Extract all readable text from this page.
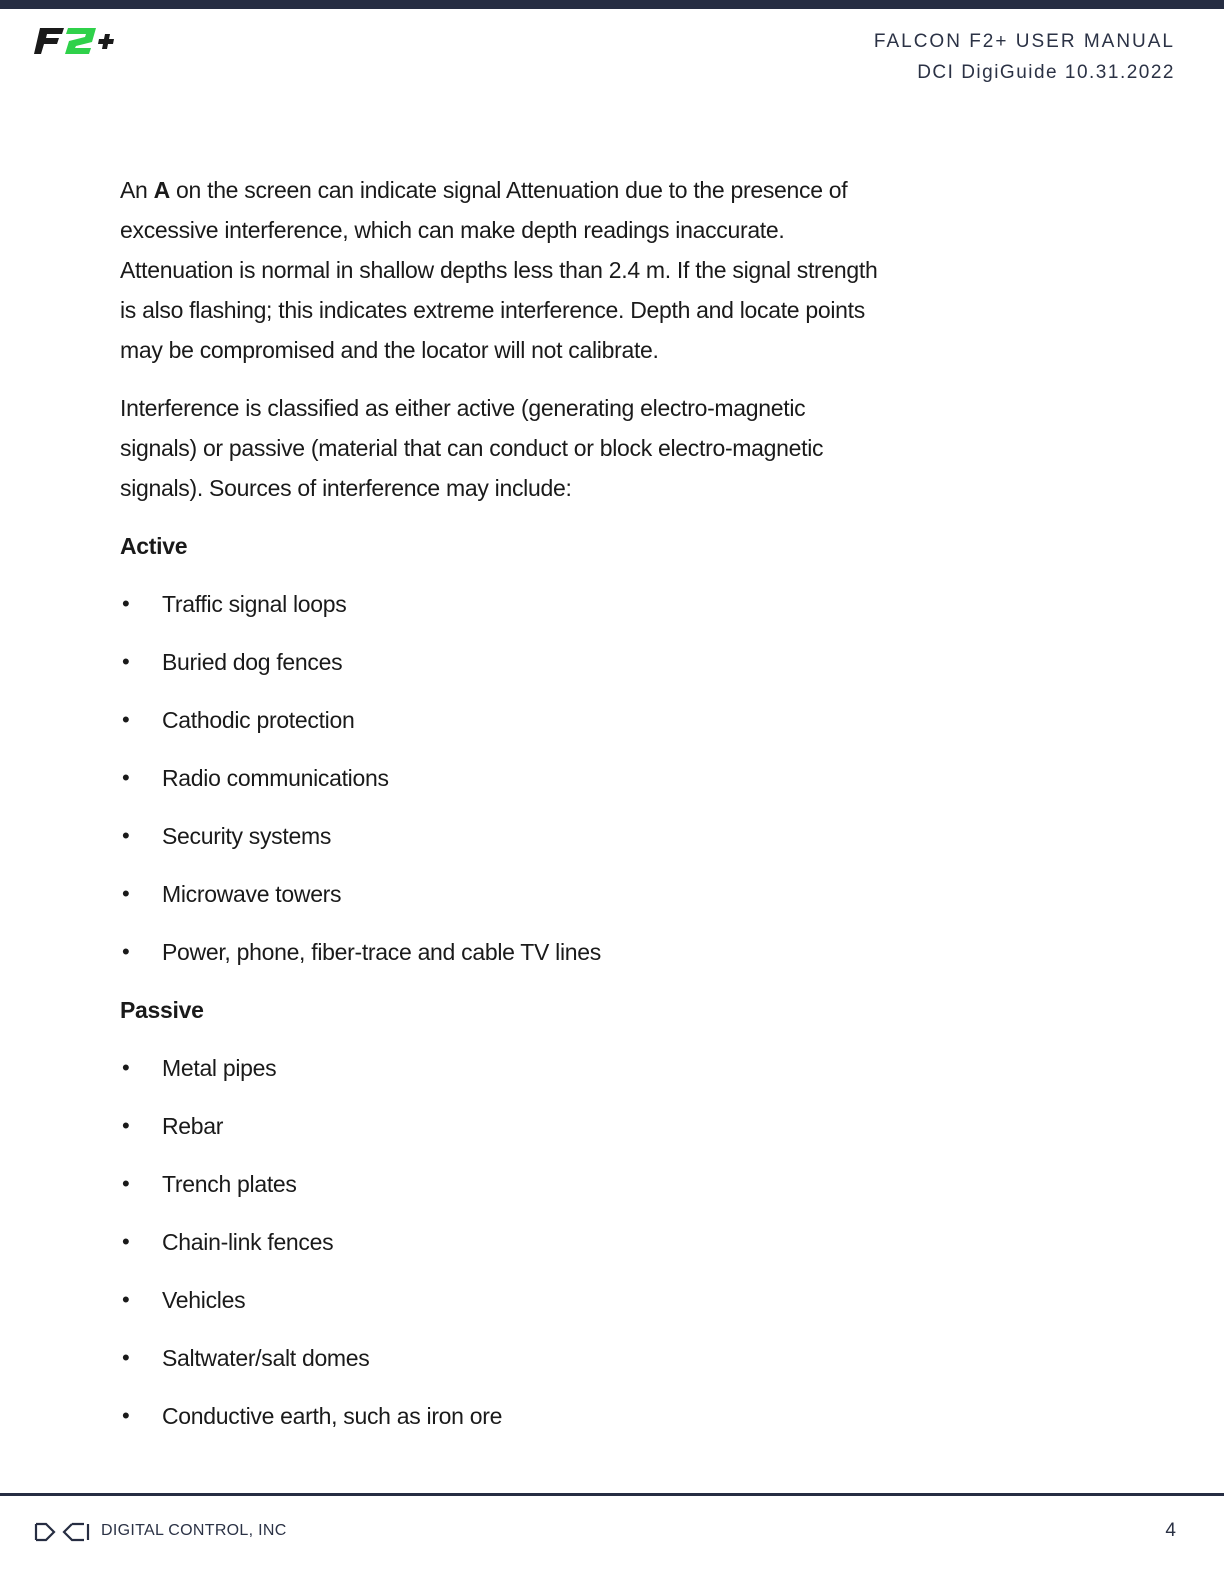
FALCON F2+ USER MANUAL
DCI DigiGuide 10.31.2022

An A on the screen can indicate signal Attenuation due to the presence of excessive interference, which can make depth readings inaccurate. Attenuation is normal in shallow depths less than 2.4 m. If the signal strength is also flashing; this indicates extreme interference. Depth and locate points may be compromised and the locator will not calibrate.

Interference is classified as either active (generating electro-magnetic signals) or passive (material that can conduct or block electro-magnetic signals). Sources of interference may include:

Active
• Traffic signal loops
• Buried dog fences
• Cathodic protection
• Radio communications
• Security systems
• Microwave towers
• Power, phone, fiber-trace and cable TV lines
Passive
• Metal pipes
• Rebar
• Trench plates
• Chain-link fences
• Vehicles
• Saltwater/salt domes
• Conductive earth, such as iron ore
DIGITAL CONTROL, INC	4
